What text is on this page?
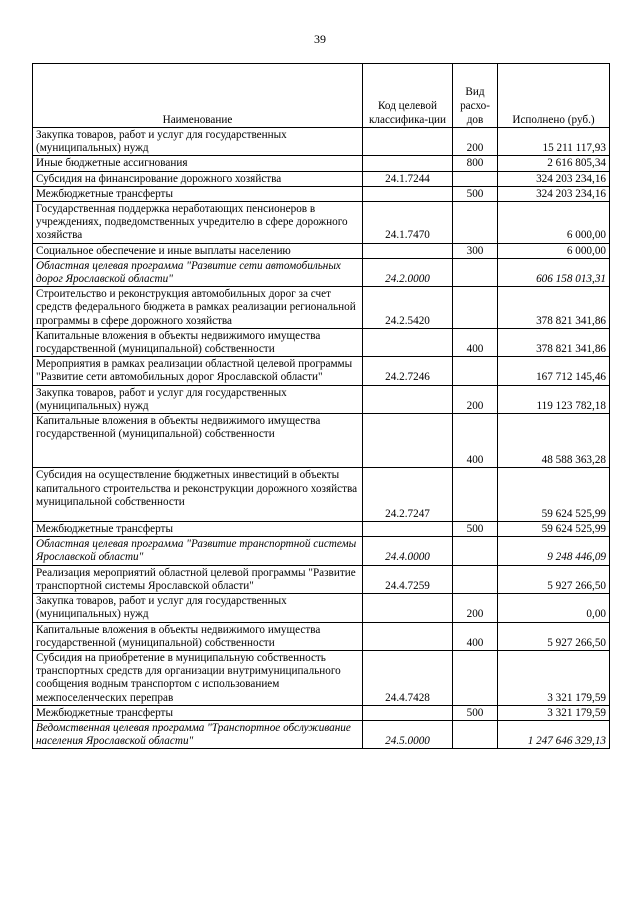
39
Наименование	Код целевой классифика-ции	Вид расхо-дов	Исполнено (руб.)
Закупка товаров, работ и услуг для государственных (муниципальных) нужд		200	15 211 117,93
Иные бюджетные ассигнования		800	2 616 805,34
Субсидия на финансирование дорожного хозяйства	24.1.7244		324 203 234,16
Межбюджетные трансферты		500	324 203 234,16
Государственная поддержка неработающих пенсионеров в учреждениях, подведомственных учредителю в сфере дорожного хозяйства	24.1.7470		6 000,00
Социальное обеспечение и иные выплаты населению		300	6 000,00
Областная целевая программа "Развитие сети автомобильных дорог Ярославской области"	24.2.0000		606 158 013,31
Строительство и реконструкция автомобильных дорог за счет средств федерального бюджета в рамках реализации региональной программы в сфере дорожного хозяйства	24.2.5420		378 821 341,86
Капитальные вложения в объекты недвижимого имущества государственной (муниципальной) собственности		400	378 821 341,86
Мероприятия в рамках реализации областной целевой программы "Развитие сети автомобильных дорог Ярославской области"	24.2.7246		167 712 145,46
Закупка товаров, работ и услуг для государственных (муниципальных) нужд		200	119 123 782,18
Капитальные вложения в объекты недвижимого имущества государственной (муниципальной) собственности		400	48 588 363,28
Субсидия на осуществление бюджетных инвестиций в объекты капитального строительства и реконструкции дорожного хозяйства муниципальной собственности	24.2.7247		59 624 525,99
Межбюджетные трансферты		500	59 624 525,99
Областная целевая программа "Развитие транспортной системы Ярославской области"	24.4.0000		9 248 446,09
Реализация мероприятий областной целевой программы "Развитие транспортной системы Ярославской области"	24.4.7259		5 927 266,50
Закупка товаров, работ и услуг для государственных (муниципальных) нужд		200	0,00
Капитальные вложения в объекты недвижимого имущества государственной (муниципальной) собственности		400	5 927 266,50
Субсидия на приобретение в муниципальную собственность транспортных средств для организации внутримуниципального сообщения водным транспортом с использованием межпоселенческих переправ	24.4.7428		3 321 179,59
Межбюджетные трансферты		500	3 321 179,59
Ведомственная целевая программа "Транспортное обслуживание населения Ярославской области"	24.5.0000		1 247 646 329,13
